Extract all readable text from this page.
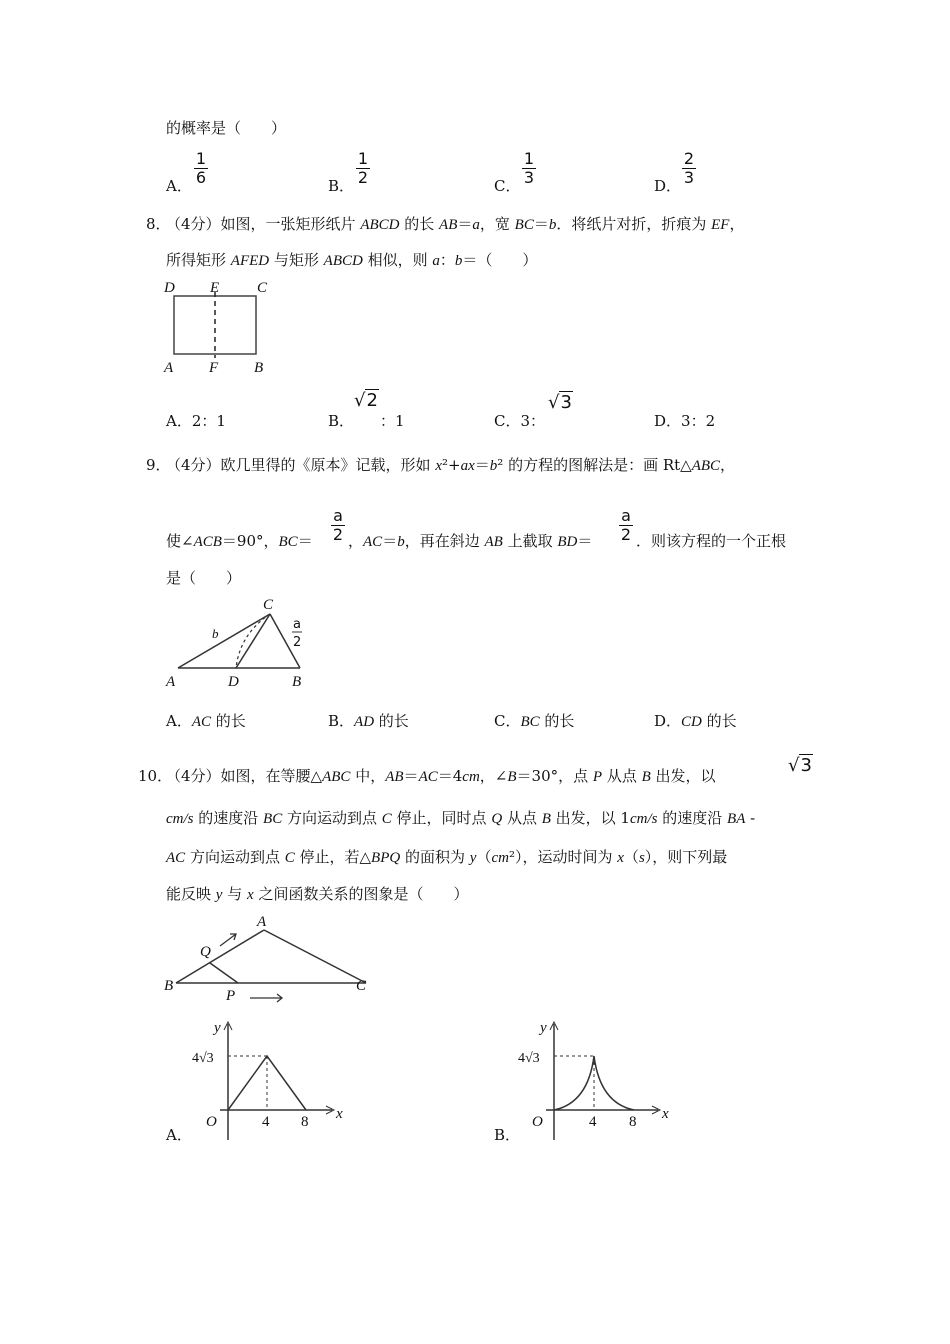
的概率是（　　）
A．
1
6	B．
1
2	C．
1
3	D．
2
3
8．
（4分）如图，一张矩形纸片 ABCD 的长 AB＝a，宽 BC＝b．将纸片对折，折痕为 EF，
所得矩形 AFED 与矩形 ABCD 相似，则 a：b＝（　　）
D E	C
A F B
A．2：1	B．
√2
：1	C．3：
√3
D．3：2
9．
（4分）欧几里得的《原本》记载，形如 x²+ax＝b² 的方程的图解法是：画 Rt△ABC，
使∠ACB＝90°，BC＝
a
2 ，AC＝b，再在斜边 AB 上截取 BD＝
a
2 ．则该方程的一个正根
是（　　）
C
b
a
2
A	D	B
A．AC 的长	B．AD 的长	C．BC 的长	D．CD 的长
10．
（4分）如图，在等腰△ABC 中，AB＝AC＝4cm，∠B＝30°，点 P 从点 B 出发，以	√3
cm/s 的速度沿 BC 方向运动到点 C 停止，同时点 Q 从点 B 出发，以 1cm/s 的速度沿 BA -
AC 方向运动到点 C 停止，若△BPQ 的面积为 y（cm²），运动时间为 x（s），则下列最
能反映 y 与 x 之间函数关系的图象是（　　）
A
Q
B
P
C
y
x
O
4√3
4 8
A．
y
x
O
4√3
4 8
B．
